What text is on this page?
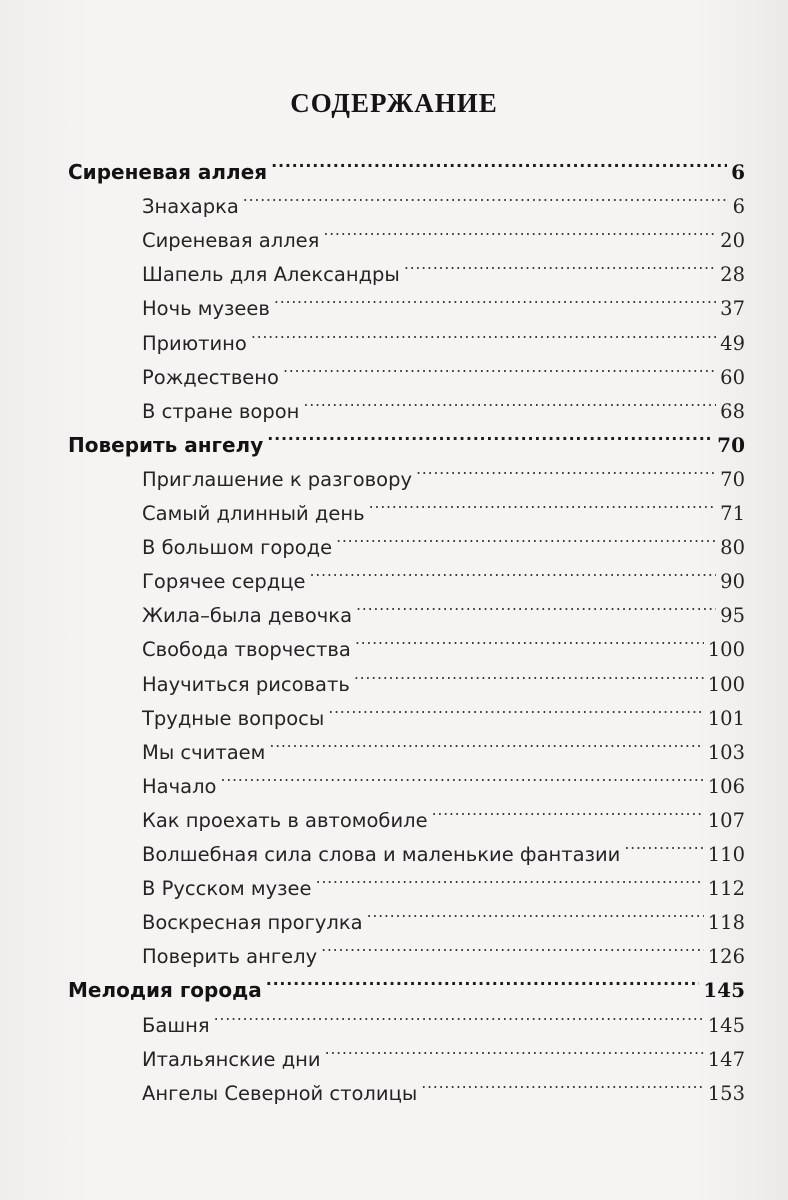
СОДЕРЖАНИЕ
Сиреневая аллея . . .	6
Знахарка . . .	6
Сиреневая аллея . . .	20
Шапель для Александры . . .	28
Ночь музеев . . .	37
Приютино . . .	49
Рождествено . . .	60
В стране ворон . . .	68
Поверить ангелу . . .	70
Приглашение к разговору . . .	70
Самый длинный день . . .	71
В большом городе . . .	80
Горячее сердце . . .	90
Жила–была девочка . . .	95
Свобода творчества . . .	100
Научиться рисовать . . .	100
Трудные вопросы . . .	101
Мы считаем . . .	103
Начало . . .	106
Как проехать в автомобиле . . .	107
Волшебная сила слова и маленькие фантазии . . .	110
В Русском музее . . .	112
Воскресная прогулка . . .	118
Поверить ангелу . . .	126
Мелодия города . . .	145
Башня . . .	145
Итальянские дни . . .	147
Ангелы Северной столицы . . .	153
